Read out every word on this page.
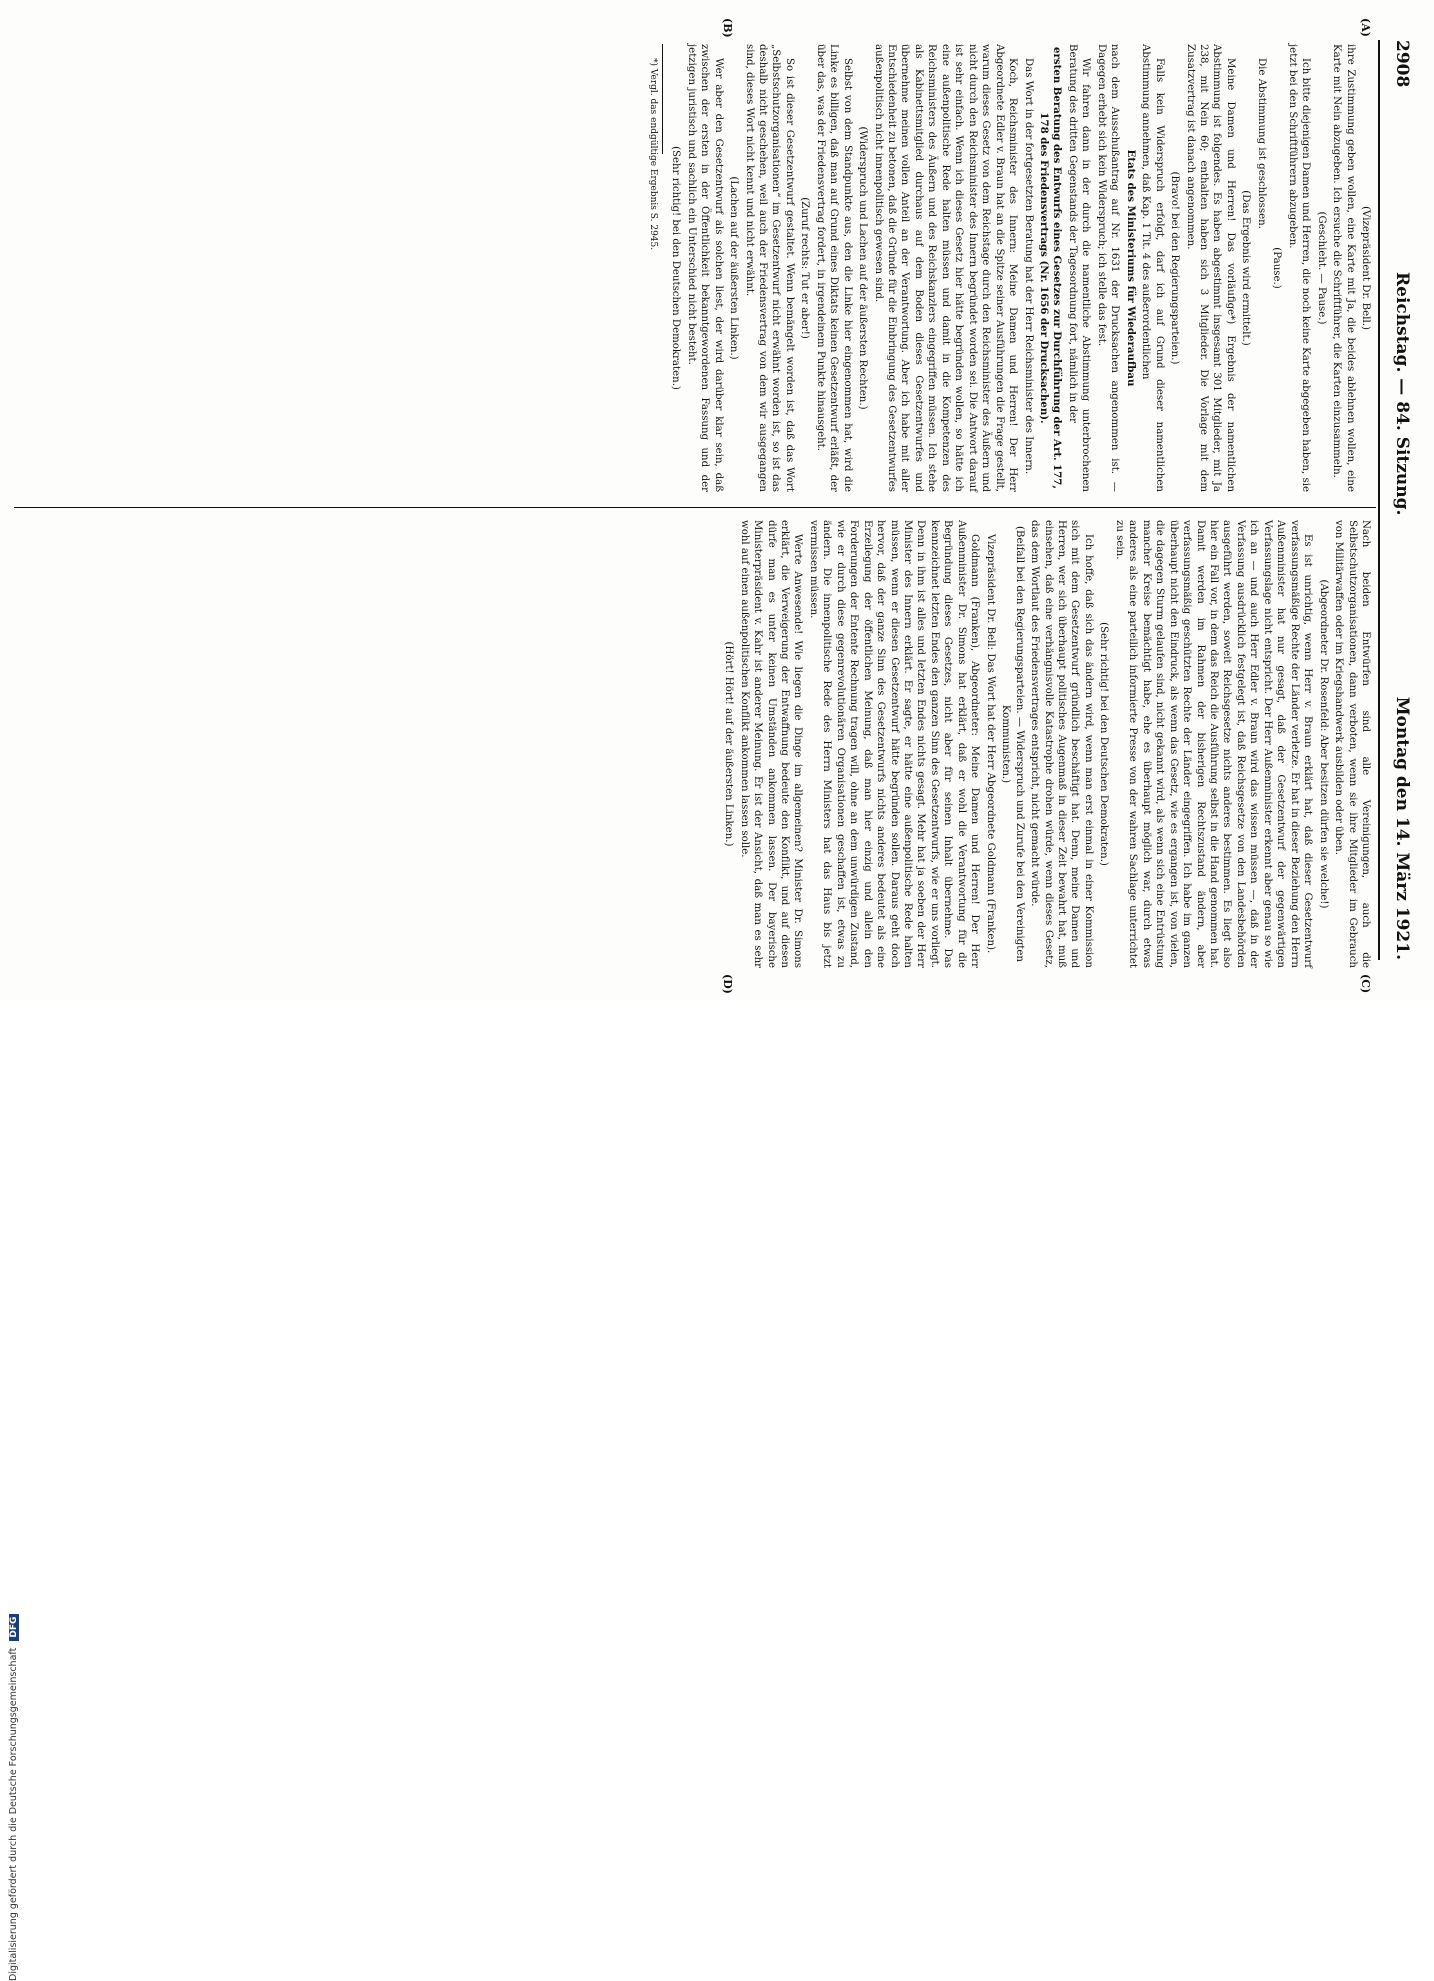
2908
Reichstag. — 84. Sitzung.
Montag den 14. März 1921.
(A)
(B)
(C)
(D)

(Vizepräsident Dr. Bell.)

ihre Zustimmung geben wollen, eine Karte mit Ja, die beides ablehnen wollen, eine Karte mit Nein abzugeben. Ich ersuche die Schriftführer, die Karten einzusammeln.

(Geschieht. — Pause.)

Ich bitte diejenigen Damen und Herren, die noch keine Karte abgegeben haben, sie jetzt bei den Schriftführern abzugeben.

(Pause.)

Die Abstimmung ist geschlossen.

(Das Ergebnis wird ermittelt.)

Meine Damen und Herren! Das vorläufige*) Ergebnis der namentlichen Abstimmung ist folgendes. Es haben abgestimmt insgesamt 301 Mitglieder, mit Ja 238, mit Nein 60; enthalten haben sich 3 Mitglieder. Die Vorlage mit dem Zusatzvertrag ist danach angenommen.

(Bravo! bei den Regierungsparteien.)

Falls kein Widerspruch erfolgt, darf ich auf Grund dieser namentlichen Abstimmung annehmen, daß Kap. 1 Tit. 4 des außerordentlichen

Etats des Ministeriums für Wiederaufbau

nach dem Ausschußantrag auf Nr. 1631 der Drucksachen angenommen ist. — Dagegen erhebt sich kein Widerspruch; ich stelle das fest.

Wir fahren dann in der durch die namentliche Abstimmung unterbrochenen Beratung des dritten Gegenstands der Tagesordnung fort, nämlich in der

ersten Beratung des Entwurfs eines Gesetzes zur Durchführung der Art. 177, 178 des Friedensvertrags (Nr. 1656 der Drucksachen).

Das Wort in der fortgesetzten Beratung hat der Herr Reichsminister des Innern.

Koch, Reichsminister des Innern: Meine Damen und Herren! Der Herr Abgeordnete Edler v. Braun hat an die Spitze seiner Ausführungen die Frage gestellt, warum dieses Gesetz von dem Reichstage durch den Reichsminister des Äußern und nicht durch den Reichsminister des Innern begründet worden sei. Die Antwort darauf ist sehr einfach. Wenn ich dieses Gesetz hier hätte begründen wollen, so hätte ich eine außenpolitische Rede halten müssen und damit in die Kompetenzen des Reichsministers des Äußern und des Reichskanzlers eingegriffen müssen. Ich stehe als Kabinettsmitglied durchaus auf dem Boden dieses Gesetzentwurfes und übernehme meinen vollen Anteil an der Verantwortung. Aber ich habe mit aller Entschiedenheit zu betonen, daß die Gründe für die Einbringung des Gesetzentwurfes außenpolitisch nicht innenpolitisch gewesen sind.

(Widerspruch und Lachen auf der äußersten Rechten.)

Selbst von dem Standpunkte aus, den die Linke hier eingenommen hat, wird die Linke es billigen, daß man auf Grund eines Diktats keinen Gesetzentwurf erläßt, der über das, was der Friedensvertrag fordert, in irgendeinem Punkte hinausgeht.

(Zuruf rechts: Tut er aber!)

So ist dieser Gesetzentwurf gestaltet. Wenn bemängelt worden ist, daß das Wort „Selbstschutzorganisationen“ im Gesetzentwurf nicht erwähnt worden ist, so ist das deshalb nicht geschehen, weil auch der Friedensvertrag von dem wir ausgegangen sind, dieses Wort nicht kennt und nicht erwähnt.

(Lachen auf der äußersten Linken.)

Wer aber den Gesetzentwurf als solchen liest, der wird darüber klar sein, daß zwischen der ersten in der Öffentlichkeit bekanntgewordenen Fassung und der jetzigen juristisch und sachlich ein Unterschied nicht besteht.

(Sehr richtig! bei den Deutschen Demokraten.)

*) Vergl. das endgültige Ergebnis S. 2945.

Nach beiden Entwürfen sind alle Vereinigungen, auch die Selbstschutzorganisationen, dann verboten, wenn sie ihre Mitglieder im Gebrauch von Militärwaffen oder im Kriegshandwerk ausbilden oder üben.

(Abgeordneter Dr. Rosenfeld: Aber besitzen dürfen sie welche!)

Es ist unrichtig, wenn Herr v. Braun erklärt hat, daß dieser Gesetzentwurf verfassungsmäßige Rechte der Länder verletze. Er hat in dieser Beziehung den Herrn Außenminister hat nur gesagt, daß der Gesetzentwurf der gegenwärtigen Verfassungslage nicht entspricht. Der Herr Außenminister erkennt aber genau so wie ich an — und auch Herr Edler v. Braun wird das wissen müssen —, daß in der Verfassung ausdrücklich festgelegt ist, daß Reichsgesetze von den Landesbehörden ausgeführt werden, soweit Reichsgesetze nichts anderes bestimmen. Es liegt also hier ein Fall vor, in dem das Reich die Ausführung selbst in die Hand genommen hat. Damit werden im Rahmen der bisherigen Rechtszustand ändern, aber verfassungsmäßig geschützten Rechte der Länder eingegriffen. Ich habe im ganzen überhaupt nicht den Eindruck, als wenn das Gesetz, wie es ergangen ist, von vielen, die dagegen Sturm gelaufen sind, nicht gekannt wird, als wenn sich eine Entrüstung mancher Kreise bemächtigt habe, ehe es überhaupt möglich war, durch etwas anderes als eine parteilich informierte Presse von der wahren Sachlage unterrichtet zu sein.

(Sehr richtig! bei den Deutschen Demokraten.)

Ich hoffe, daß sich das ändern wird, wenn man erst einmal in einer Kommission sich mit dem Gesetzentwurf gründlich beschäftigt hat. Denn, meine Damen und Herren, wer sich überhaupt politisches Augenmaß in dieser Zeit bewahrt hat, muß einsehen, daß eine verhängnisvolle Katastrophe drohen würde, wenn dieses Gesetz, das dem Wortlaut des Friedensvertrages entspricht, nicht gemacht würde.

(Beifall bei den Regierungsparteien. — Widerspruch und Zurufe bei den Vereinigten Kommunisten.)

Vizepräsident Dr. Bell: Das Wort hat der Herr Abgeordnete Goldmann (Franken).

Goldmann (Franken), Abgeordneter: Meine Damen und Herren! Der Herr Außenminister Dr. Simons hat erklärt, daß er wohl die Verantwortung für die Begründung dieses Gesetzes, nicht aber für seinen Inhalt übernehme. Das kennzeichnet letzten Endes den ganzen Sinn des Gesetzentwurfs, wie er uns vorliegt. Denn in ihm ist alles und letzten Endes nichts gesagt. Mehr hat ja soeben der Herr Minister des Innern erklärt. Er sagte, er hätte eine außenpolitische Rede halten müssen, wenn er diesen Gesetzentwurf hätte begründen sollen. Daraus geht doch hervor, daß der ganze Sinn des Gesetzentwurfs nichts anderes bedeutet als eine Erzeilegung der öffentlichen Meinung, daß man hier einzig und allein den Forderungen der Entente Rechnung tragen will, ohne an dem unwürdigen Zustand, wie er durch diese gegenrevolutionären Organisationen geschaffen ist, etwas zu ändern. Die innenpolitische Rede des Herrn Ministers hat das Haus bis jetzt vermissen müssen.

Werte Anwesende! Wie liegen die Dinge im allgemeinen? Minister Dr. Simons erklärt, die Verweigerung der Entwaffnung bedeute den Konflikt, und auf diesen dürfe man es unter keinen Umständen ankommen lassen. Der bayerische Ministerpräsident v. Kahr ist anderer Meinung. Er ist der Ansicht, daß man es sehr wohl auf einen außenpolitischen Konflikt ankommen lassen solle.

(Hört! Hört! auf der äußersten Linken.)

Digitalisierung gefördert durch die Deutsche Forschungsgemeinschaft DFG
